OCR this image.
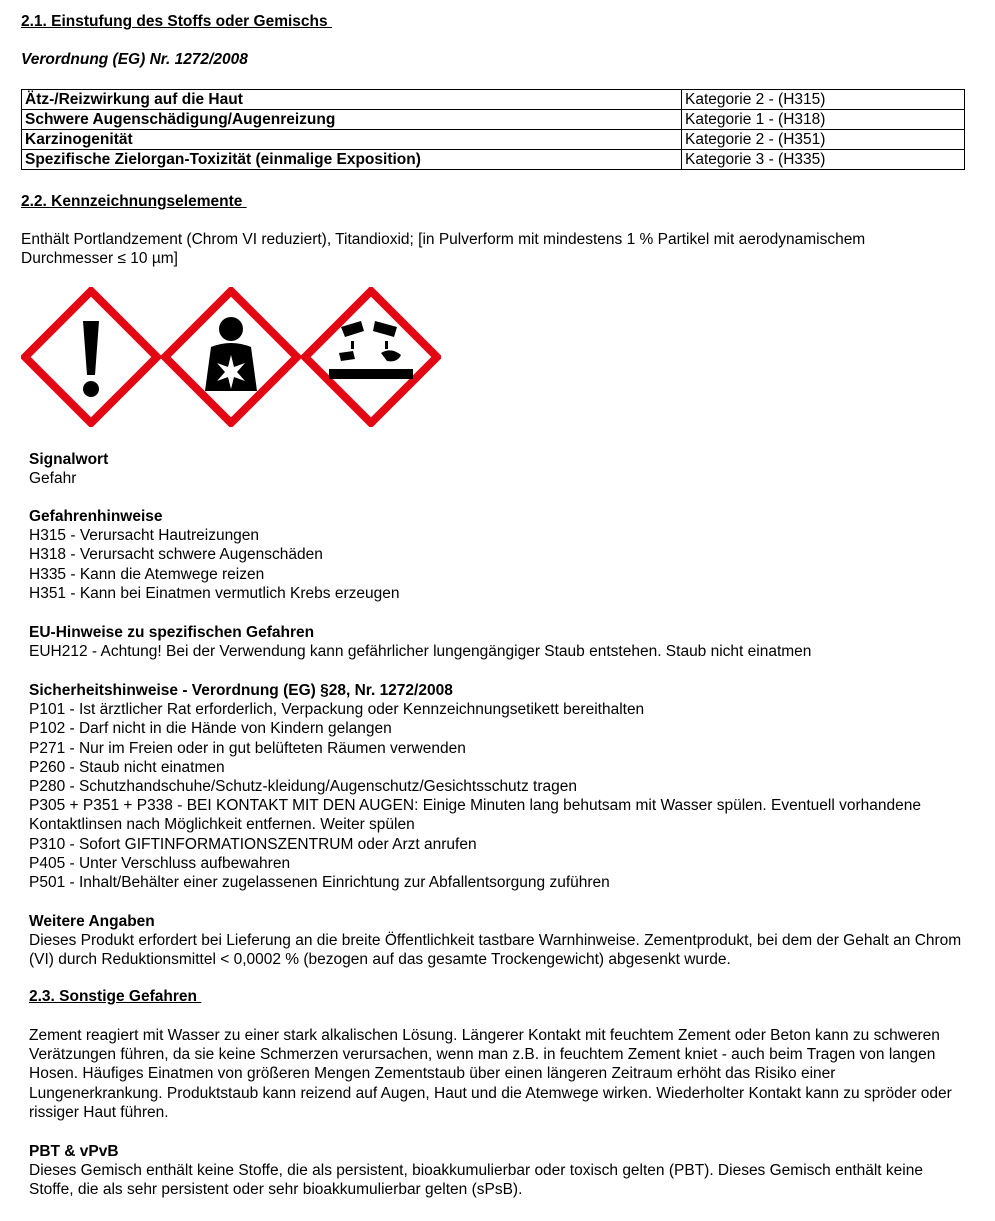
2.1. Einstufung des Stoffs oder Gemischs
Verordnung (EG) Nr. 1272/2008
Ätz-/Reizwirkung auf die Haut	Kategorie 2 - (H315)
Schwere Augenschädigung/Augenreizung	Kategorie 1 - (H318)
Karzinogenität	Kategorie 2 - (H351)
Spezifische Zielorgan-Toxizität (einmalige Exposition)	Kategorie 3 - (H335)
2.2. Kennzeichnungselemente
Enthält Portlandzement (Chrom VI reduziert), Titandioxid; [in Pulverform mit mindestens 1 % Partikel mit aerodynamischem Durchmesser ≤ 10 µm]
Signalwort
Gefahr
Gefahrenhinweise
H315 - Verursacht Hautreizungen
H318 - Verursacht schwere Augenschäden
H335 - Kann die Atemwege reizen
H351 - Kann bei Einatmen vermutlich Krebs erzeugen
EU-Hinweise zu spezifischen Gefahren
EUH212 - Achtung! Bei der Verwendung kann gefährlicher lungengängiger Staub entstehen. Staub nicht einatmen
Sicherheitshinweise - Verordnung (EG) §28, Nr. 1272/2008
P101 - Ist ärztlicher Rat erforderlich, Verpackung oder Kennzeichnungsetikett bereithalten
P102 - Darf nicht in die Hände von Kindern gelangen
P271 - Nur im Freien oder in gut belüfteten Räumen verwenden
P260 - Staub nicht einatmen
P280 - Schutzhandschuhe/Schutz-kleidung/Augenschutz/Gesichtsschutz tragen
P305 + P351 + P338 - BEI KONTAKT MIT DEN AUGEN: Einige Minuten lang behutsam mit Wasser spülen. Eventuell vorhandene Kontaktlinsen nach Möglichkeit entfernen. Weiter spülen
P310 - Sofort GIFTINFORMATIONSZENTRUM oder Arzt anrufen
P405 - Unter Verschluss aufbewahren
P501 - Inhalt/Behälter einer zugelassenen Einrichtung zur Abfallentsorgung zuführen
Weitere Angaben
Dieses Produkt erfordert bei Lieferung an die breite Öffentlichkeit tastbare Warnhinweise. Zementprodukt, bei dem der Gehalt an Chrom (VI) durch Reduktionsmittel < 0,0002 % (bezogen auf das gesamte Trockengewicht) abgesenkt wurde.
2.3. Sonstige Gefahren
Zement reagiert mit Wasser zu einer stark alkalischen Lösung. Längerer Kontakt mit feuchtem Zement oder Beton kann zu schweren Verätzungen führen, da sie keine Schmerzen verursachen, wenn man z.B. in feuchtem Zement kniet - auch beim Tragen von langen Hosen. Häufiges Einatmen von größeren Mengen Zementstaub über einen längeren Zeitraum erhöht das Risiko einer Lungenerkrankung. Produktstaub kann reizend auf Augen, Haut und die Atemwege wirken. Wiederholter Kontakt kann zu spröder oder rissiger Haut führen.
PBT & vPvB
Dieses Gemisch enthält keine Stoffe, die als persistent, bioakkumulierbar oder toxisch gelten (PBT). Dieses Gemisch enthält keine Stoffe, die als sehr persistent oder sehr bioakkumulierbar gelten (sPsB).
